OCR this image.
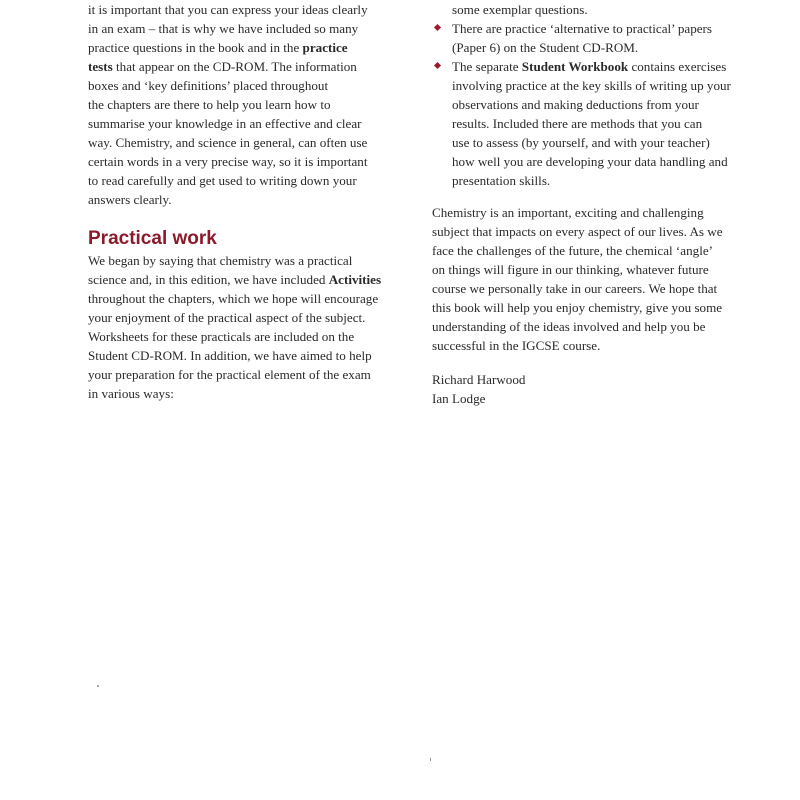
it is important that you can express your ideas clearly
in an exam – that is why we have included so many
practice questions in the book and in the practice
tests that appear on the CD-ROM. The information
boxes and ‘key definitions’ placed throughout
the chapters are there to help you learn how to
summarise your knowledge in an effective and clear
way. Chemistry, and science in general, can often use
certain words in a very precise way, so it is important
to read carefully and get used to writing down your
answers clearly.

Practical work

We began by saying that chemistry was a practical
science and, in this edition, we have included Activities
throughout the chapters, which we hope will encourage
your enjoyment of the practical aspect of the subject.
Worksheets for these practicals are included on the
Student CD-ROM. In addition, we have aimed to help
your preparation for the practical element of the exam
in various ways:

some exemplar questions.

There are practice ‘alternative to practical’ papers
(Paper 6) on the Student CD-ROM.
The separate Student Workbook contains exercises
involving practice at the key skills of writing up your
observations and making deductions from your
results. Included there are methods that you can
use to assess (by yourself, and with your teacher)
how well you are developing your data handling and
presentation skills.

Chemistry is an important, exciting and challenging
subject that impacts on every aspect of our lives. As we
face the challenges of the future, the chemical ‘angle’
on things will figure in our thinking, whatever future
course we personally take in our careers. We hope that
this book will help you enjoy chemistry, give you some
understanding of the ideas involved and help you be
successful in the IGCSE course.

Richard Harwood
Ian Lodge
